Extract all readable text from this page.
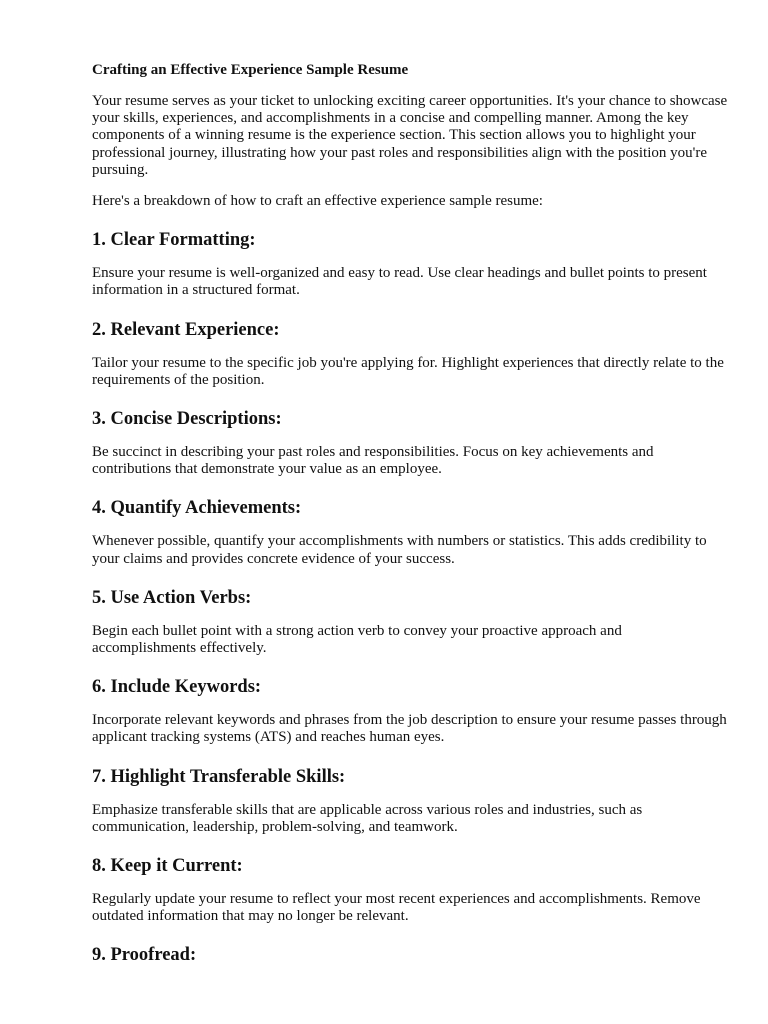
Crafting an Effective Experience Sample Resume

Your resume serves as your ticket to unlocking exciting career opportunities. It's your chance to showcase your skills, experiences, and accomplishments in a concise and compelling manner. Among the key components of a winning resume is the experience section. This section allows you to highlight your professional journey, illustrating how your past roles and responsibilities align with the position you're pursuing.

Here's a breakdown of how to craft an effective experience sample resume:

1. Clear Formatting:

Ensure your resume is well-organized and easy to read. Use clear headings and bullet points to present information in a structured format.

2. Relevant Experience:

Tailor your resume to the specific job you're applying for. Highlight experiences that directly relate to the requirements of the position.

3. Concise Descriptions:

Be succinct in describing your past roles and responsibilities. Focus on key achievements and contributions that demonstrate your value as an employee.

4. Quantify Achievements:

Whenever possible, quantify your accomplishments with numbers or statistics. This adds credibility to your claims and provides concrete evidence of your success.

5. Use Action Verbs:

Begin each bullet point with a strong action verb to convey your proactive approach and accomplishments effectively.

6. Include Keywords:

Incorporate relevant keywords and phrases from the job description to ensure your resume passes through applicant tracking systems (ATS) and reaches human eyes.

7. Highlight Transferable Skills:

Emphasize transferable skills that are applicable across various roles and industries, such as communication, leadership, problem-solving, and teamwork.

8. Keep it Current:

Regularly update your resume to reflect your most recent experiences and accomplishments. Remove outdated information that may no longer be relevant.

9. Proofread:
